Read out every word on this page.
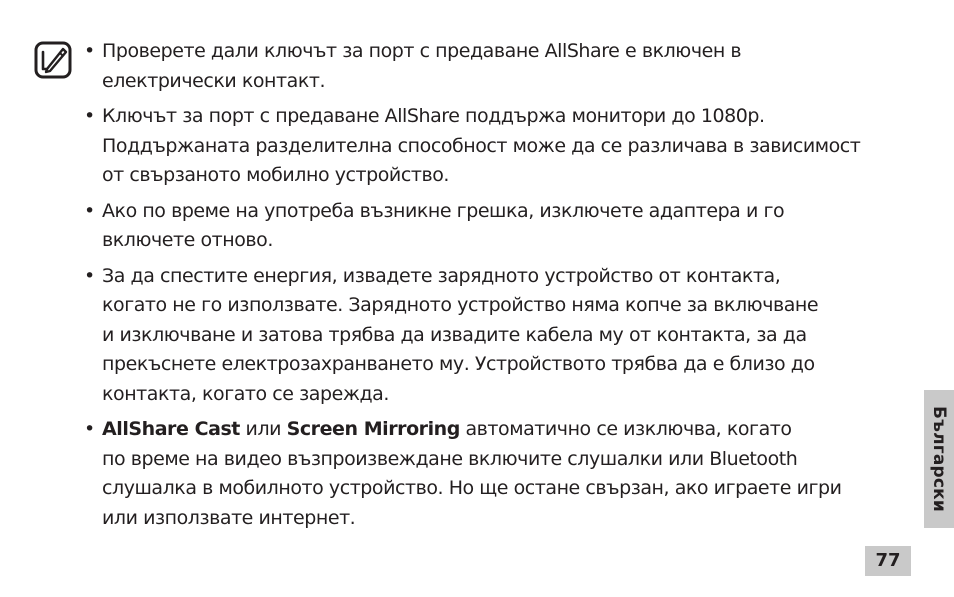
• Проверете дали ключът за порт с предаване AllShare е включен в
електрически контакт.
• Ключът за порт с предаване AllShare поддържа монитори до 1080p.
Поддържаната разделителна способност може да се различава в зависимост
от свързаното мобилно устройство.
• Ако по време на употреба възникне грешка, изключете адаптера и го
включете отново.
• За да спестите енергия, извадете зарядното устройство от контакта,
когато не го използвате. Зарядното устройство няма копче за включване
и изключване и затова трябва да извадите кабела му от контакта, за да
прекъснете електрозахранването му. Устройството трябва да е близо до
контакта, когато се зарежда.
• AllShare Cast или Screen Mirroring автоматично се изключва, когато
по време на видео възпроизвеждане включите слушалки или Bluetooth
слушалка в мобилното устройство. Но ще остане свързан, ако играете игри
или използвате интернет.
Български
77
